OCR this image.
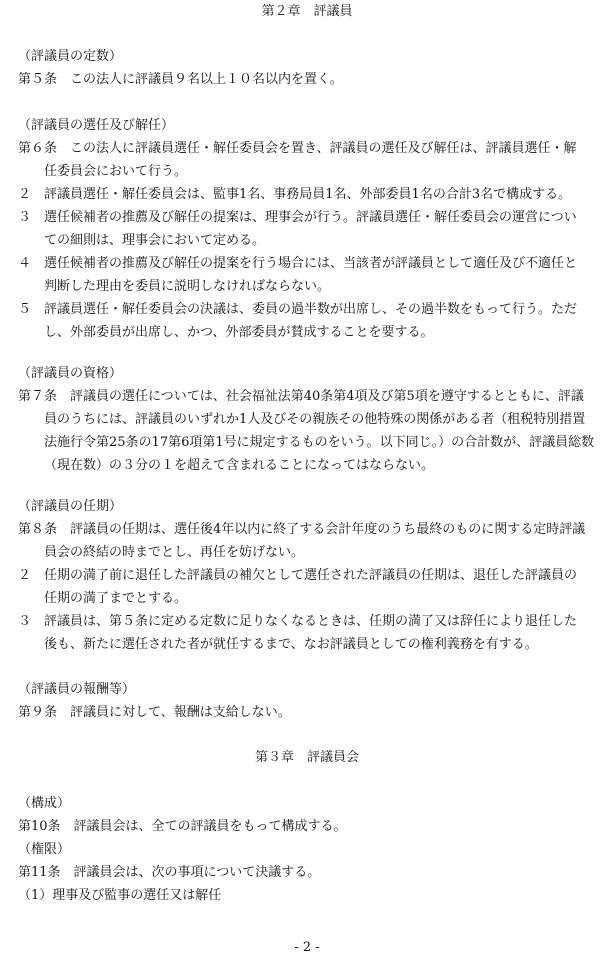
第２章　評議員
（評議員の定数）
第５条　この法人に評議員９名以上１０名以内を置く。
（評議員の選任及び解任）
第６条　この法人に評議員選任・解任委員会を置き、評議員の選任及び解任は、評議員選任・解
任委員会において行う。
２ 評議員選任・解任委員会は、監事1名、事務局員1名、外部委員1名の合計3名で構成する。
３ 選任候補者の推薦及び解任の提案は、理事会が行う。評議員選任・解任委員会の運営につい
ての細則は、理事会において定める。
４ 選任候補者の推薦及び解任の提案を行う場合には、当該者が評議員として適任及び不適任と
判断した理由を委員に説明しなければならない。
５ 評議員選任・解任委員会の決議は、委員の過半数が出席し、その過半数をもって行う。ただ
し、外部委員が出席し、かつ、外部委員が賛成することを要する。
（評議員の資格）
第７条　評議員の選任については、社会福祉法第40条第4項及び第5項を遵守するとともに、評議
員のうちには、評議員のいずれか1人及びその親族その他特殊の関係がある者（租税特別措置
法施行令第25条の17第6項第1号に規定するものをいう。以下同じ。）の合計数が、評議員総数
（現在数）の３分の１を超えて含まれることになってはならない。
（評議員の任期）
第８条　評議員の任期は、選任後4年以内に終了する会計年度のうち最終のものに関する定時評議
員会の終結の時までとし、再任を妨げない。
２ 任期の満了前に退任した評議員の補欠として選任された評議員の任期は、退任した評議員の
任期の満了までとする。
３ 評議員は、第５条に定める定数に足りなくなるときは、任期の満了又は辞任により退任した
後も、新たに選任された者が就任するまで、なお評議員としての権利義務を有する。
（評議員の報酬等）
第９条　評議員に対して、報酬は支給しない。
第３章　評議員会
（構成）
第10条　評議員会は、全ての評議員をもって構成する。
（権限）
第11条　評議員会は、次の事項について決議する。
（1）理事及び監事の選任又は解任
- 2 -
